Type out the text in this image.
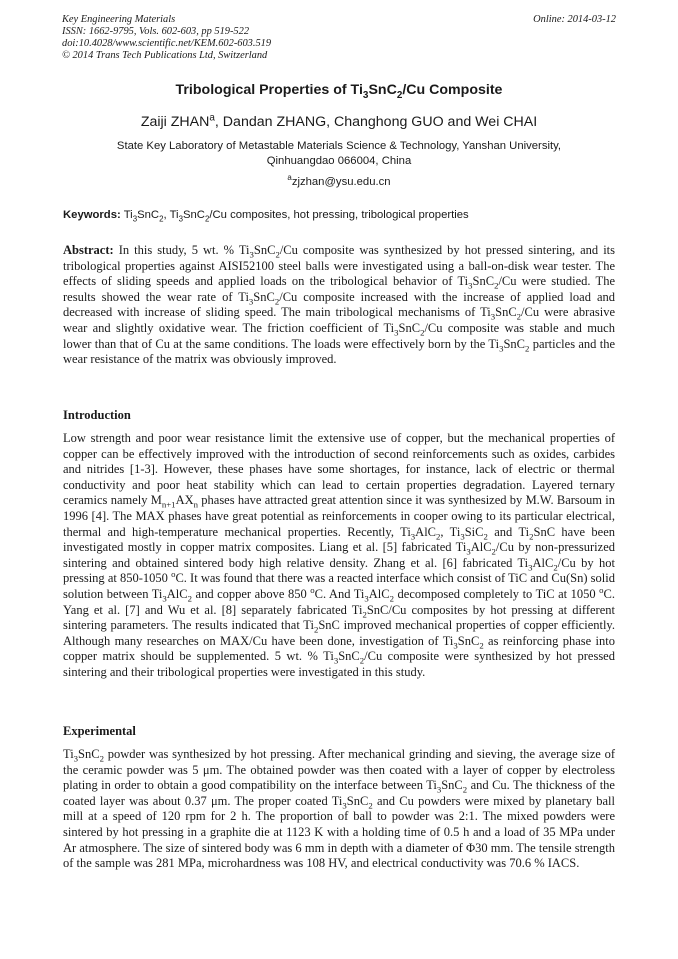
Key Engineering Materials
ISSN: 1662-9795, Vols. 602-603, pp 519-522
doi:10.4028/www.scientific.net/KEM.602-603.519
© 2014 Trans Tech Publications Ltd, Switzerland
Online: 2014-03-12
Tribological Properties of $Ti_3SnC_2/Cu$ Composite
Zaiji ZHAN$^a$, Dandan ZHANG, Changhong GUO and Wei CHAI
State Key Laboratory of Metastable Materials Science & Technology, Yanshan University,
Qinhuangdao 066004, China
$^a$zjzhan@ysu.edu.cn
Keywords: $Ti_3SnC_2$, $Ti_3SnC_2/Cu$ composites, hot pressing, tribological properties
Abstract: In this study, 5 wt. % $Ti_3SnC_2/Cu$ composite was synthesized by hot pressed sintering, and its tribological properties against AISI52100 steel balls were investigated using a ball-on-disk wear tester. The effects of sliding speeds and applied loads on the tribological behavior of $Ti_3SnC_2/Cu$ were studied. The results showed the wear rate of $Ti_3SnC_2/Cu$ composite increased with the increase of applied load and decreased with increase of sliding speed. The main tribological mechanisms of $Ti_3SnC_2/Cu$ were abrasive wear and slightly oxidative wear. The friction coefficient of $Ti_3SnC_2/Cu$ composite was stable and much lower than that of Cu at the same conditions. The loads were effectively born by the $Ti_3SnC_2$ particles and the wear resistance of the matrix was obviously improved.
Introduction
Low strength and poor wear resistance limit the extensive use of copper, but the mechanical properties of copper can be effectively improved with the introduction of second reinforcements such as oxides, carbides and nitrides [1-3]. However, these phases have some shortages, for instance, lack of electric or thermal conductivity and poor heat stability which can lead to certain properties degradation. Layered ternary ceramics namely $M_{n+1}AX_n$ phases have attracted great attention since it was synthesized by M.W. Barsoum in 1996 [4]. The MAX phases have great potential as reinforcements in cooper owing to its particular electrical, thermal and high-temperature mechanical properties. Recently, $Ti_3AlC_2$, $Ti_3SiC_2$ and $Ti_2SnC$ have been investigated mostly in copper matrix composites. Liang et al. [5] fabricated $Ti_3AlC_2/Cu$ by non-pressurized sintering and obtained sintered body high relative density. Zhang et al. [6] fabricated $Ti_3AlC_2/Cu$ by hot pressing at 850-1050 $^o$C. It was found that there was a reacted interface which consist of TiC and Cu(Sn) solid solution between $Ti_3AlC_2$ and copper above 850 $^o$C. And $Ti_3AlC_2$ decomposed completely to TiC at 1050 $^o$C. Yang et al. [7] and Wu et al. [8] separately fabricated $Ti_2SnC/Cu$ composites by hot pressing at different sintering parameters. The results indicated that $Ti_2SnC$ improved mechanical properties of copper efficiently. Although many researches on MAX/Cu have been done, investigation of $Ti_3SnC_2$ as reinforcing phase into copper matrix should be supplemented. 5 wt. % $Ti_3SnC_2/Cu$ composite were synthesized by hot pressed sintering and their tribological properties were investigated in this study.
Experimental
$Ti_3SnC_2$ powder was synthesized by hot pressing. After mechanical grinding and sieving, the average size of the ceramic powder was 5 μm. The obtained powder was then coated with a layer of copper by electroless plating in order to obtain a good compatibility on the interface between $Ti_3SnC_2$ and Cu. The thickness of the coated layer was about 0.37 μm. The proper coated $Ti_3SnC_2$ and Cu powders were mixed by planetary ball mill at a speed of 120 rpm for 2 h. The proportion of ball to powder was 2:1. The mixed powders were sintered by hot pressing in a graphite die at 1123 K with a holding time of 0.5 h and a load of 35 MPa under Ar atmosphere. The size of sintered body was 6 mm in depth with a diameter of Φ30 mm. The tensile strength of the sample was 281 MPa, microhardness was 108 HV, and electrical conductivity was 70.6 % IACS.
